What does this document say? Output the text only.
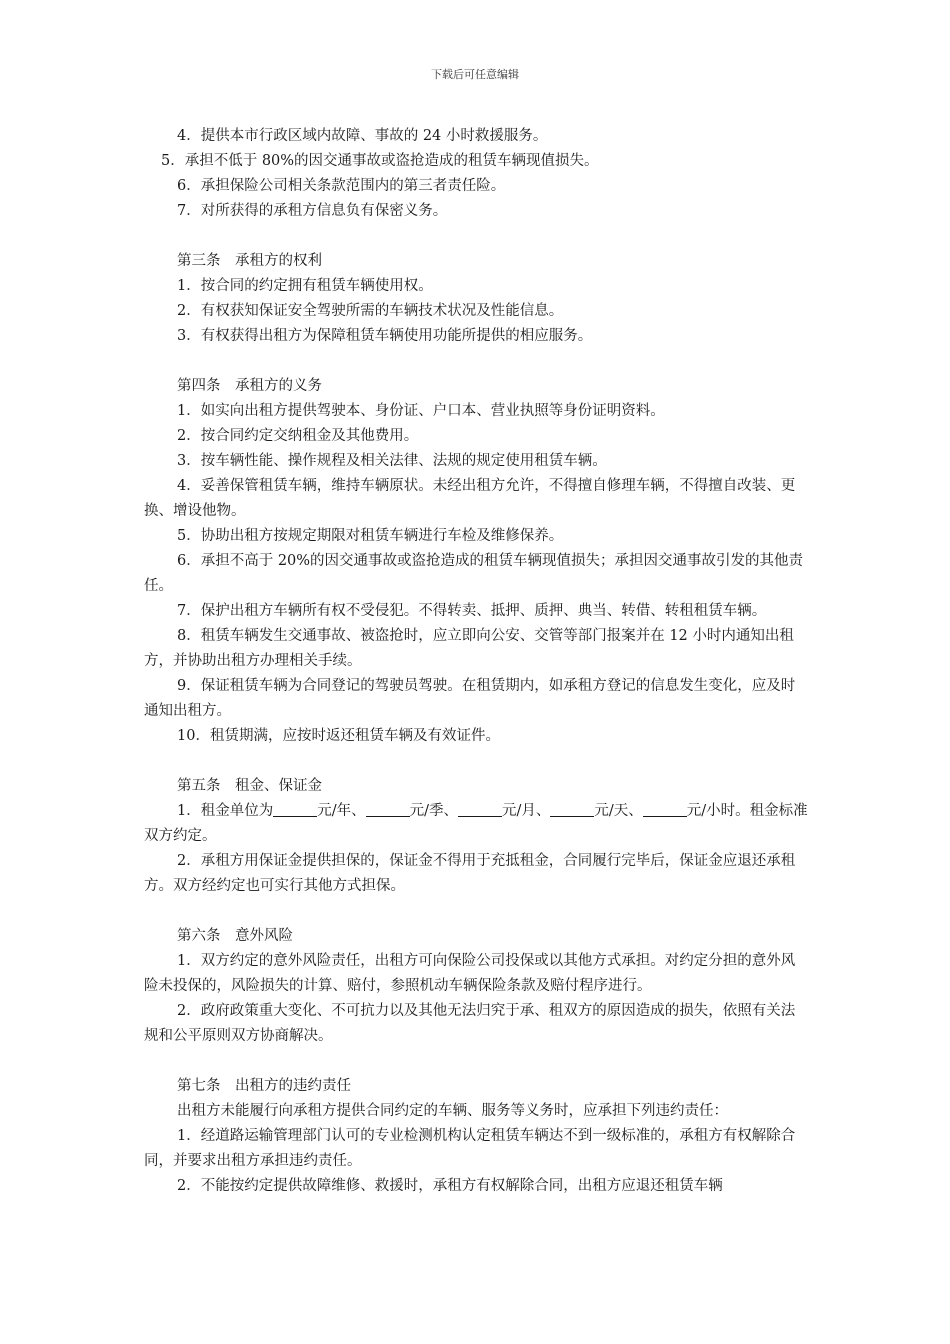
下载后可任意编辑

4．提供本市行政区域内故障、事故的 24 小时救援服务。

5．承担不低于 80%的因交通事故或盗抢造成的租赁车辆现值损失。

6．承担保险公司相关条款范围内的第三者责任险。

7．对所获得的承租方信息负有保密义务。

第三条　承租方的权利

1．按合同的约定拥有租赁车辆使用权。

2．有权获知保证安全驾驶所需的车辆技术状况及性能信息。

3．有权获得出租方为保障租赁车辆使用功能所提供的相应服务。

第四条　承租方的义务

1．如实向出租方提供驾驶本、身份证、户口本、营业执照等身份证明资料。

2．按合同约定交纳租金及其他费用。

3．按车辆性能、操作规程及相关法律、法规的规定使用租赁车辆。

4．妥善保管租赁车辆，维持车辆原状。未经出租方允许，不得擅自修理车辆，不得擅自改装、更换、增设他物。

5．协助出租方按规定期限对租赁车辆进行车检及维修保养。

6．承担不高于 20%的因交通事故或盗抢造成的租赁车辆现值损失；承担因交通事故引发的其他责任。

7．保护出租方车辆所有权不受侵犯。不得转卖、抵押、质押、典当、转借、转租租赁车辆。

8．租赁车辆发生交通事故、被盗抢时，应立即向公安、交管等部门报案并在 12 小时内通知出租方，并协助出租方办理相关手续。

9．保证租赁车辆为合同登记的驾驶员驾驶。在租赁期内，如承租方登记的信息发生变化，应及时通知出租方。

10．租赁期满，应按时返还租赁车辆及有效证件。

第五条　租金、保证金

1．租金单位为	元/年、	元/季、	元/月、	元/天、	元/小时。租金标准双方约定。

2．承租方用保证金提供担保的，保证金不得用于充抵租金，合同履行完毕后，保证金应退还承租方。双方经约定也可实行其他方式担保。

第六条　意外风险

1．双方约定的意外风险责任，出租方可向保险公司投保或以其他方式承担。对约定分担的意外风险未投保的，风险损失的计算、赔付，参照机动车辆保险条款及赔付程序进行。

2．政府政策重大变化、不可抗力以及其他无法归究于承、租双方的原因造成的损失，依照有关法规和公平原则双方协商解决。

第七条　出租方的违约责任

出租方未能履行向承租方提供合同约定的车辆、服务等义务时，应承担下列违约责任：

1．经道路运输管理部门认可的专业检测机构认定租赁车辆达不到一级标准的，承租方有权解除合同，并要求出租方承担违约责任。

2．不能按约定提供故障维修、救援时，承租方有权解除合同，出租方应退还租赁车辆
